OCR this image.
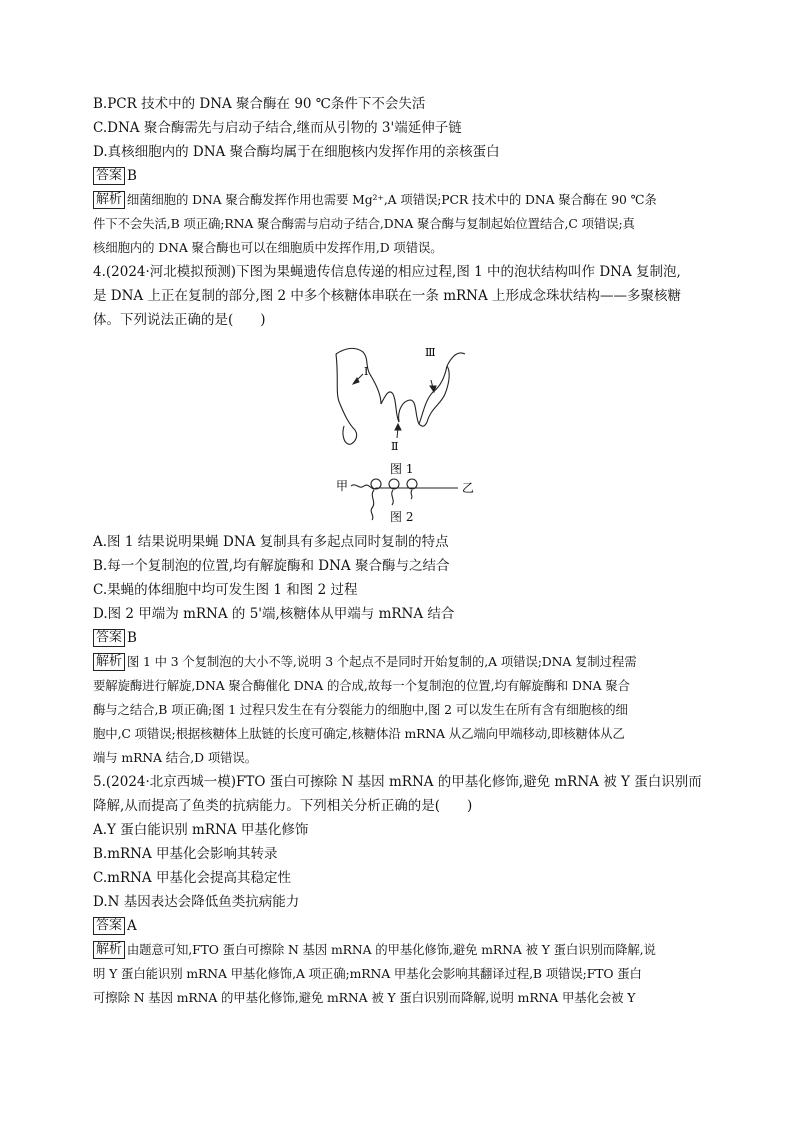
B.PCR 技术中的 DNA 聚合酶在 90 ℃条件下不会失活
C.DNA 聚合酶需先与启动子结合,继而从引物的 3'端延伸子链
D.真核细胞内的 DNA 聚合酶均属于在细胞核内发挥作用的亲核蛋白
答案 B
解析 细菌细胞的 DNA 聚合酶发挥作用也需要 Mg²⁺,A 项错误;PCR 技术中的 DNA 聚合酶在 90 ℃条
件下不会失活,B 项正确;RNA 聚合酶需与启动子结合,DNA 聚合酶与复制起始位置结合,C 项错误;真
核细胞内的 DNA 聚合酶也可以在细胞质中发挥作用,D 项错误。
4.(2024·河北模拟预测)下图为果蝇遗传信息传递的相应过程,图 1 中的泡状结构叫作 DNA 复制泡,
是 DNA 上正在复制的部分,图 2 中多个核糖体串联在一条 mRNA 上形成念珠状结构——多聚核糖
体。下列说法正确的是(　　)
Ⅰ
Ⅱ
Ⅲ
图 1
甲	乙
图 2
A.图 1 结果说明果蝇 DNA 复制具有多起点同时复制的特点
B.每一个复制泡的位置,均有解旋酶和 DNA 聚合酶与之结合
C.果蝇的体细胞中均可发生图 1 和图 2 过程
D.图 2 甲端为 mRNA 的 5'端,核糖体从甲端与 mRNA 结合
答案 B
解析 图 1 中 3 个复制泡的大小不等,说明 3 个起点不是同时开始复制的,A 项错误;DNA 复制过程需
要解旋酶进行解旋,DNA 聚合酶催化 DNA 的合成,故每一个复制泡的位置,均有解旋酶和 DNA 聚合
酶与之结合,B 项正确;图 1 过程只发生在有分裂能力的细胞中,图 2 可以发生在所有含有细胞核的细
胞中,C 项错误;根据核糖体上肽链的长度可确定,核糖体沿 mRNA 从乙端向甲端移动,即核糖体从乙
端与 mRNA 结合,D 项错误。
5.(2024·北京西城一模)FTO 蛋白可擦除 N 基因 mRNA 的甲基化修饰,避免 mRNA 被 Y 蛋白识别而
降解,从而提高了鱼类的抗病能力。下列相关分析正确的是(　　)
A.Y 蛋白能识别 mRNA 甲基化修饰
B.mRNA 甲基化会影响其转录
C.mRNA 甲基化会提高其稳定性
D.N 基因表达会降低鱼类抗病能力
答案 A
解析 由题意可知,FTO 蛋白可擦除 N 基因 mRNA 的甲基化修饰,避免 mRNA 被 Y 蛋白识别而降解,说
明 Y 蛋白能识别 mRNA 甲基化修饰,A 项正确;mRNA 甲基化会影响其翻译过程,B 项错误;FTO 蛋白
可擦除 N 基因 mRNA 的甲基化修饰,避免 mRNA 被 Y 蛋白识别而降解,说明 mRNA 甲基化会被 Y
